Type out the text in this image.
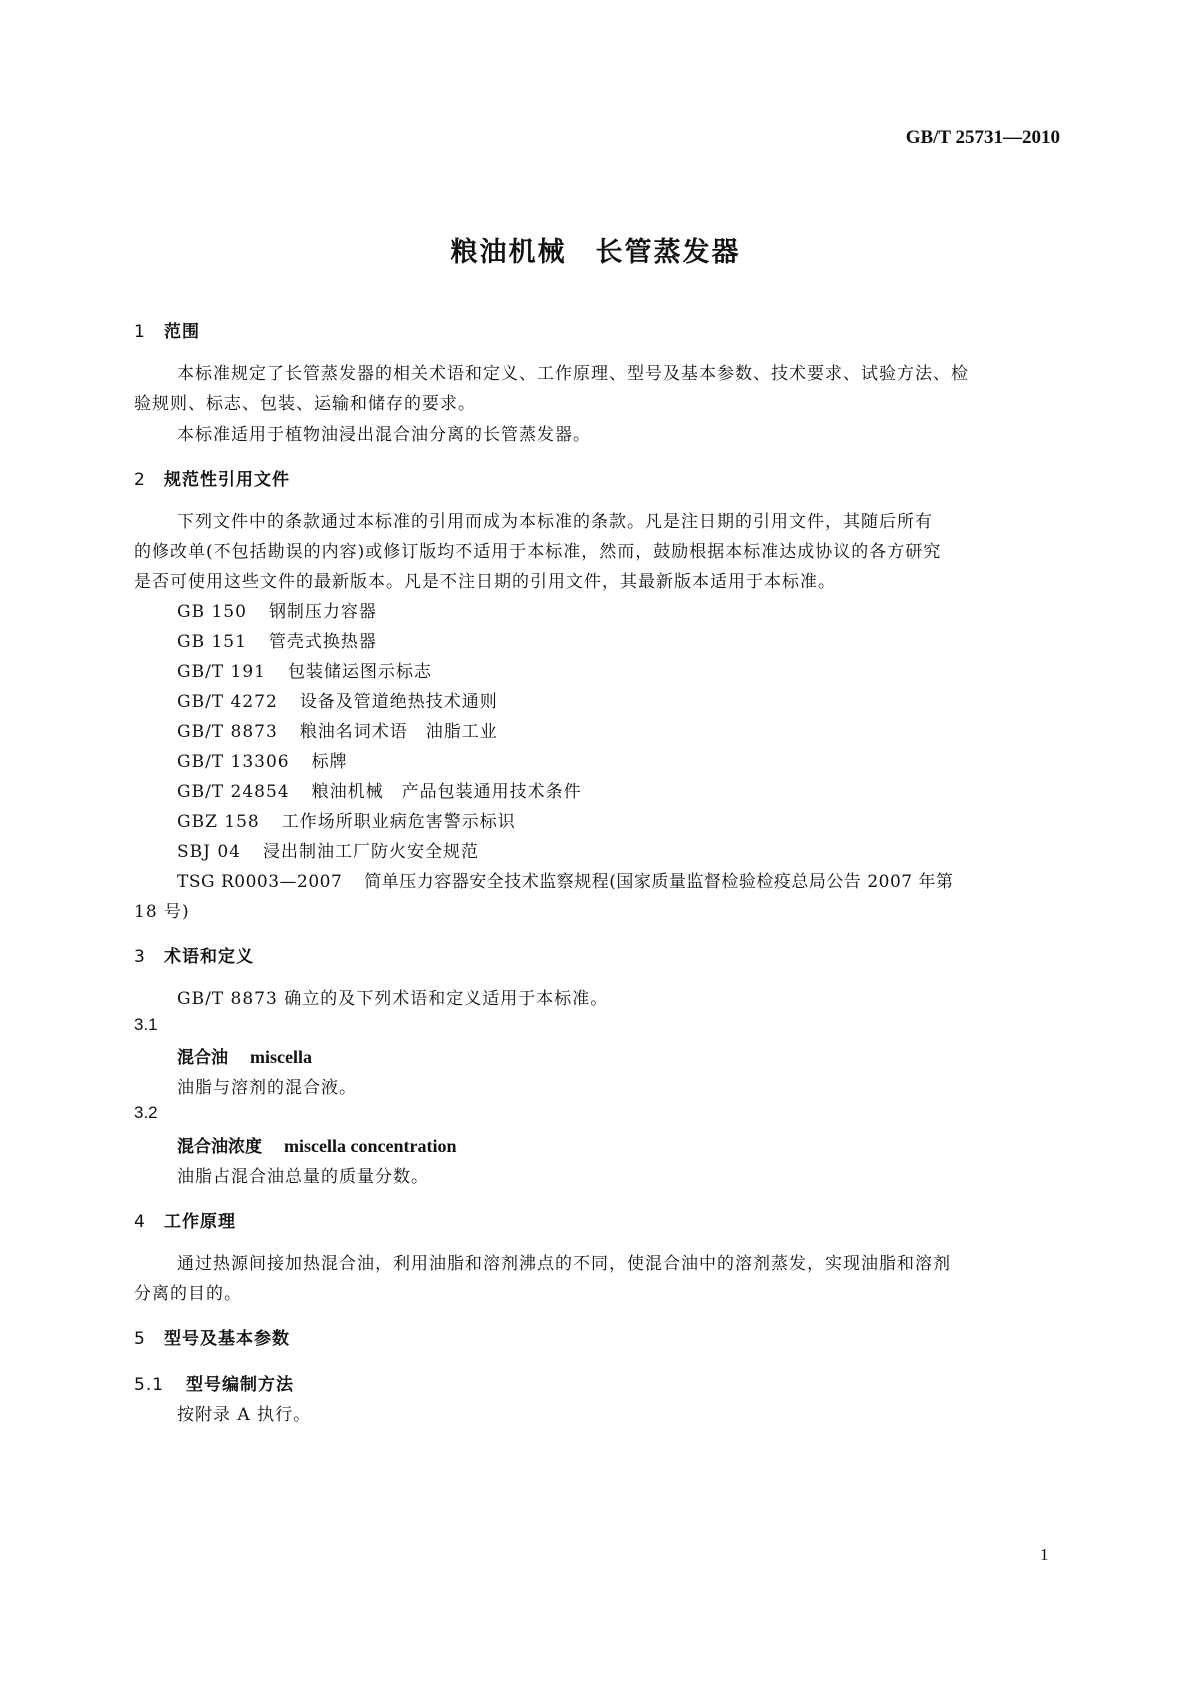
GB/T 25731—2010
粮油机械　长管蒸发器
1 范围
本标准规定了长管蒸发器的相关术语和定义、工作原理、型号及基本参数、技术要求、试验方法、检
验规则、标志、包装、运输和储存的要求。
本标准适用于植物油浸出混合油分离的长管蒸发器。
2 规范性引用文件
下列文件中的条款通过本标准的引用而成为本标准的条款。凡是注日期的引用文件，其随后所有
的修改单(不包括勘误的内容)或修订版均不适用于本标准，然而，鼓励根据本标准达成协议的各方研究
是否可使用这些文件的最新版本。凡是不注日期的引用文件，其最新版本适用于本标准。
GB 150 钢制压力容器
GB 151 管壳式换热器
GB/T 191 包装储运图示标志
GB/T 4272 设备及管道绝热技术通则
GB/T 8873 粮油名词术语　油脂工业
GB/T 13306 标牌
GB/T 24854 粮油机械　产品包装通用技术条件
GBZ 158 工作场所职业病危害警示标识
SBJ 04 浸出制油工厂防火安全规范
TSG R0003—2007 简单压力容器安全技术监察规程(国家质量监督检验检疫总局公告 2007 年第
18 号)
3 术语和定义
GB/T 8873 确立的及下列术语和定义适用于本标准。
3.1
混合油 miscella
油脂与溶剂的混合液。
3.2
混合油浓度 miscella concentration
油脂占混合油总量的质量分数。
4 工作原理
通过热源间接加热混合油，利用油脂和溶剂沸点的不同，使混合油中的溶剂蒸发，实现油脂和溶剂
分离的目的。
5 型号及基本参数
5.1 型号编制方法
按附录 A 执行。
1
